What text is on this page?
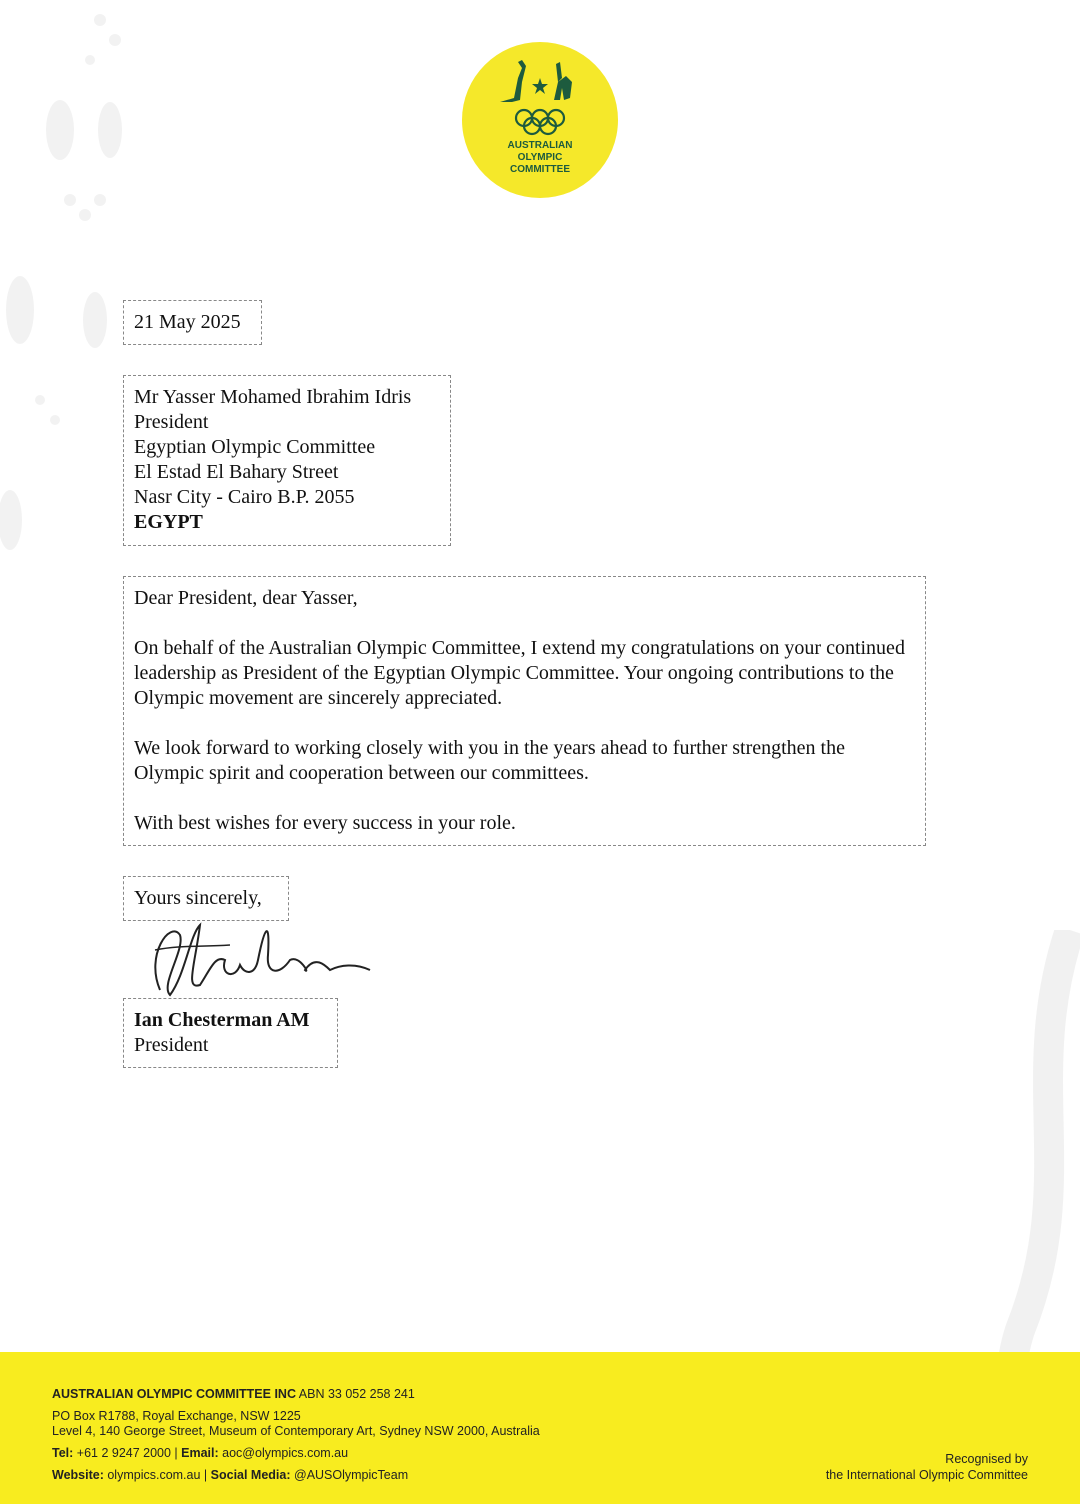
AUSTRALIAN
OLYMPIC
COMMITTEE

21 May 2025

Mr Yasser Mohamed Ibrahim Idris

President

Egyptian Olympic Committee

El Estad El Bahary Street

Nasr City - Cairo B.P. 2055

EGYPT

Dear President, dear Yasser,

On behalf of the Australian Olympic Committee, I extend my congratulations on your continued leadership as President of the Egyptian Olympic Committee. Your ongoing contributions to the Olympic movement are sincerely appreciated.

We look forward to working closely with you in the years ahead to further strengthen the Olympic spirit and cooperation between our committees.

With best wishes for every success in your role.

Yours sincerely,

Ian Chesterman AM

President

AUSTRALIAN OLYMPIC COMMITTEE INC ABN 33 052 258 241

PO Box R1788, Royal Exchange, NSW 1225

Level 4, 140 George Street, Museum of Contemporary Art, Sydney NSW 2000, Australia

Tel: +61 2 9247 2000 | Email: aoc@olympics.com.au

Website: olympics.com.au | Social Media: @AUSOlympicTeam

Recognised by

the International Olympic Committee
